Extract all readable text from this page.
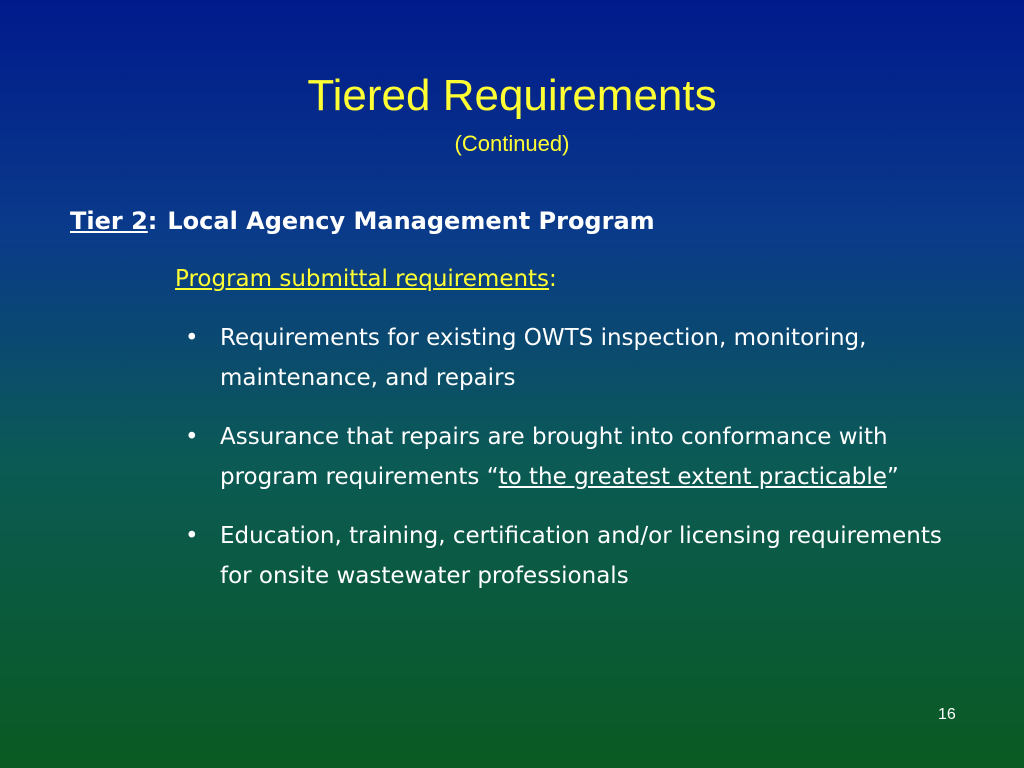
Tiered Requirements
(Continued)
Tier 2: Local Agency Management Program
Program submittal requirements:
• Requirements for existing OWTS inspection, monitoring, maintenance, and repairs
• Assurance that repairs are brought into conformance with program requirements “to the greatest extent practicable”
• Education, training, certification and/or licensing requirements for onsite wastewater professionals
16
